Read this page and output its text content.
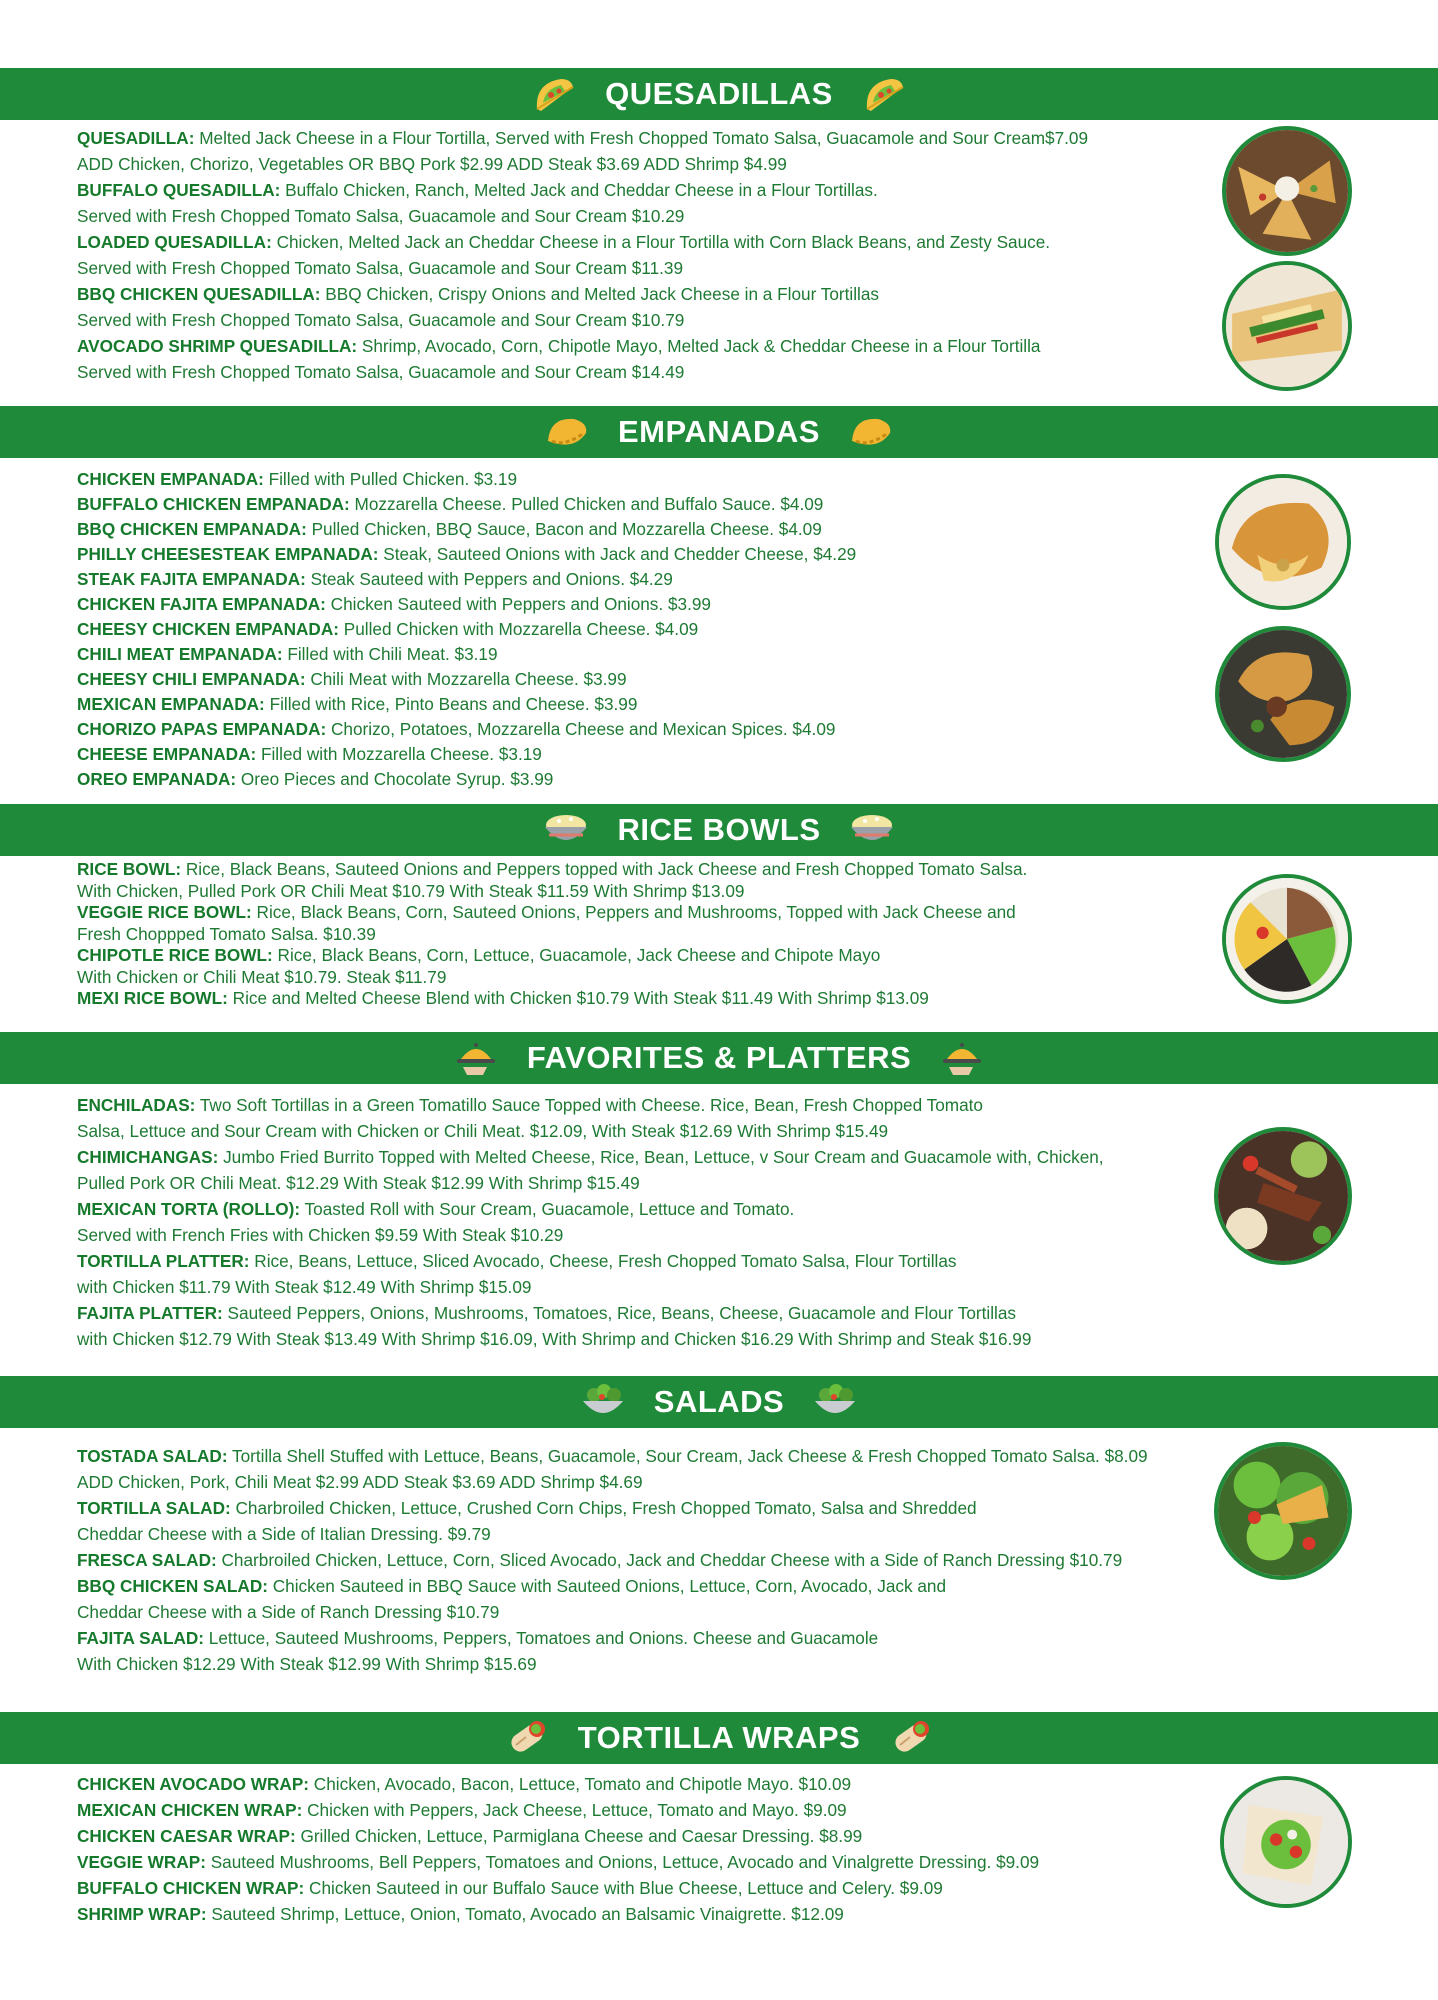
QUESADILLAS
QUESADILLA: Melted Jack Cheese in a Flour Tortilla, Served with Fresh Chopped Tomato Salsa, Guacamole and Sour Cream$7.09
ADD Chicken, Chorizo, Vegetables OR BBQ Pork $2.99 ADD Steak $3.69 ADD Shrimp $4.99
BUFFALO QUESADILLA: Buffalo Chicken, Ranch, Melted Jack and Cheddar Cheese in a Flour Tortillas.
Served with Fresh Chopped Tomato Salsa, Guacamole and Sour Cream $10.29
LOADED QUESADILLA: Chicken, Melted Jack an Cheddar Cheese in a Flour Tortilla with Corn Black Beans, and Zesty Sauce.
Served with Fresh Chopped Tomato Salsa, Guacamole and Sour Cream $11.39
BBQ CHICKEN QUESADILLA: BBQ Chicken, Crispy Onions and Melted Jack Cheese in a Flour Tortillas
Served with Fresh Chopped Tomato Salsa, Guacamole and Sour Cream $10.79
AVOCADO SHRIMP QUESADILLA: Shrimp, Avocado, Corn, Chipotle Mayo, Melted Jack & Cheddar Cheese in a Flour Tortilla
Served with Fresh Chopped Tomato Salsa, Guacamole and Sour Cream $14.49
EMPANADAS
CHICKEN EMPANADA: Filled with Pulled Chicken. $3.19
BUFFALO CHICKEN EMPANADA: Mozzarella Cheese. Pulled Chicken and Buffalo Sauce. $4.09
BBQ CHICKEN EMPANADA: Pulled Chicken, BBQ Sauce, Bacon and Mozzarella Cheese. $4.09
PHILLY CHEESESTEAK EMPANADA: Steak, Sauteed Onions with Jack and Chedder Cheese, $4.29
STEAK FAJITA EMPANADA: Steak Sauteed with Peppers and Onions. $4.29
CHICKEN FAJITA EMPANADA: Chicken Sauteed with Peppers and Onions. $3.99
CHEESY CHICKEN EMPANADA: Pulled Chicken with Mozzarella Cheese. $4.09
CHILI MEAT EMPANADA: Filled with Chili Meat. $3.19
CHEESY CHILI EMPANADA: Chili Meat with Mozzarella Cheese. $3.99
MEXICAN EMPANADA: Filled with Rice, Pinto Beans and Cheese. $3.99
CHORIZO PAPAS EMPANADA: Chorizo, Potatoes, Mozzarella Cheese and Mexican Spices. $4.09
CHEESE EMPANADA: Filled with Mozzarella Cheese. $3.19
OREO EMPANADA: Oreo Pieces and Chocolate Syrup. $3.99
RICE BOWLS
RICE BOWL: Rice, Black Beans, Sauteed Onions and Peppers topped with Jack Cheese and Fresh Chopped Tomato Salsa.
With Chicken, Pulled Pork OR Chili Meat $10.79 With Steak $11.59 With Shrimp $13.09
VEGGIE RICE BOWL: Rice, Black Beans, Corn, Sauteed Onions, Peppers and Mushrooms, Topped with Jack Cheese and
Fresh Choppped Tomato Salsa. $10.39
CHIPOTLE RICE BOWL: Rice, Black Beans, Corn, Lettuce, Guacamole, Jack Cheese and Chipote Mayo
With Chicken or Chili Meat $10.79. Steak $11.79
MEXI RICE BOWL: Rice and Melted Cheese Blend with Chicken $10.79 With Steak $11.49 With Shrimp $13.09
FAVORITES & PLATTERS
ENCHILADAS: Two Soft Tortillas in a Green Tomatillo Sauce Topped with Cheese. Rice, Bean, Fresh Chopped Tomato
Salsa, Lettuce and Sour Cream with Chicken or Chili Meat. $12.09, With Steak $12.69 With Shrimp $15.49
CHIMICHANGAS: Jumbo Fried Burrito Topped with Melted Cheese, Rice, Bean, Lettuce, v Sour Cream and Guacamole with, Chicken,
Pulled Pork OR Chili Meat. $12.29 With Steak $12.99 With Shrimp $15.49
MEXICAN TORTA (ROLLO): Toasted Roll with Sour Cream, Guacamole, Lettuce and Tomato.
Served with French Fries with Chicken $9.59 With Steak $10.29
TORTILLA PLATTER: Rice, Beans, Lettuce, Sliced Avocado, Cheese, Fresh Chopped Tomato Salsa, Flour Tortillas
with Chicken $11.79 With Steak $12.49 With Shrimp $15.09
FAJITA PLATTER: Sauteed Peppers, Onions, Mushrooms, Tomatoes, Rice, Beans, Cheese, Guacamole and Flour Tortillas
with Chicken $12.79 With Steak $13.49 With Shrimp $16.09, With Shrimp and Chicken $16.29 With Shrimp and Steak $16.99
SALADS
TOSTADA SALAD: Tortilla Shell Stuffed with Lettuce, Beans, Guacamole, Sour Cream, Jack Cheese & Fresh Chopped Tomato Salsa. $8.09
ADD Chicken, Pork, Chili Meat $2.99 ADD Steak $3.69 ADD Shrimp $4.69
TORTILLA SALAD: Charbroiled Chicken, Lettuce, Crushed Corn Chips, Fresh Chopped Tomato, Salsa and Shredded
Cheddar Cheese with a Side of Italian Dressing. $9.79
FRESCA SALAD: Charbroiled Chicken, Lettuce, Corn, Sliced Avocado, Jack and Cheddar Cheese with a Side of Ranch Dressing $10.79
BBQ CHICKEN SALAD: Chicken Sauteed in BBQ Sauce with Sauteed Onions, Lettuce, Corn, Avocado, Jack and
Cheddar Cheese with a Side of Ranch Dressing $10.79
FAJITA SALAD: Lettuce, Sauteed Mushrooms, Peppers, Tomatoes and Onions. Cheese and Guacamole
With Chicken $12.29 With Steak $12.99 With Shrimp $15.69
TORTILLA WRAPS
CHICKEN AVOCADO WRAP: Chicken, Avocado, Bacon, Lettuce, Tomato and Chipotle Mayo. $10.09
MEXICAN CHICKEN WRAP: Chicken with Peppers, Jack Cheese, Lettuce, Tomato and Mayo. $9.09
CHICKEN CAESAR WRAP: Grilled Chicken, Lettuce, Parmiglana Cheese and Caesar Dressing. $8.99
VEGGIE WRAP: Sauteed Mushrooms, Bell Peppers, Tomatoes and Onions, Lettuce, Avocado and Vinalgrette Dressing. $9.09
BUFFALO CHICKEN WRAP: Chicken Sauteed in our Buffalo Sauce with Blue Cheese, Lettuce and Celery. $9.09
SHRIMP WRAP: Sauteed Shrimp, Lettuce, Onion, Tomato, Avocado an Balsamic Vinaigrette. $12.09
